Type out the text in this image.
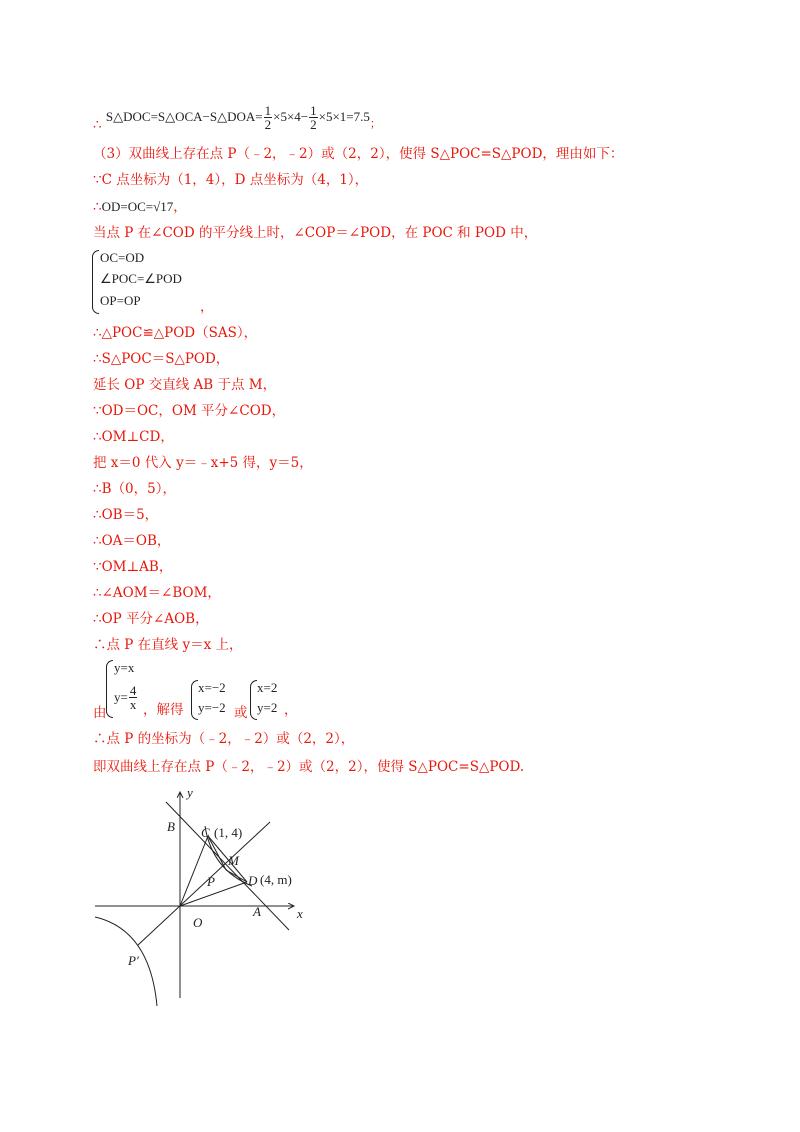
∴ S△DOC=S△OCA−S△DOA= $\frac{1}{2} \times 5\times 4- \frac{1}{2} \times 5\times 1=7.5_;$
（3）双曲线上存在点 P（﹣2，﹣2）或（2，2），使得 S△POC=S△POD，理由如下：
∵C 点坐标为（1，4），D 点坐标为（4，1），
∴OD=OC=√17，
当点 P 在∠COD 的平分线上时，∠COP＝∠POD，在 POC 和 POD 中，
OC=OD
∠POC=∠POD
OP=OP	，
∴△POC≌△POD（SAS），
∴S△POC＝S△POD，
延长 OP 交直线 AB 于点 M，
∵OD＝OC，OM 平分∠COD，
∴OM⊥CD，
把 x＝0 代入 y＝﹣x+5 得，y＝5，
∴B（0，5），
∴OB＝5，
∴OA＝OB，
∵OM⊥AB，
∴∠AOM＝∠BOM，
∴OP 平分∠AOB，
∴点 P 在直线 y＝x 上，
y=x
$y= \frac{4}{x}$
由	，解得
x=−2
y=−2 或
x=2
y=2 ，
∴点 P 的坐标为（﹣2，﹣2）或（2，2），
即双曲线上存在点 P（﹣2，﹣2）或（2，2），使得 S△POC=S△POD.
y
x
O
B C (1, 4)
M
P	D (4, m)
A
P′
